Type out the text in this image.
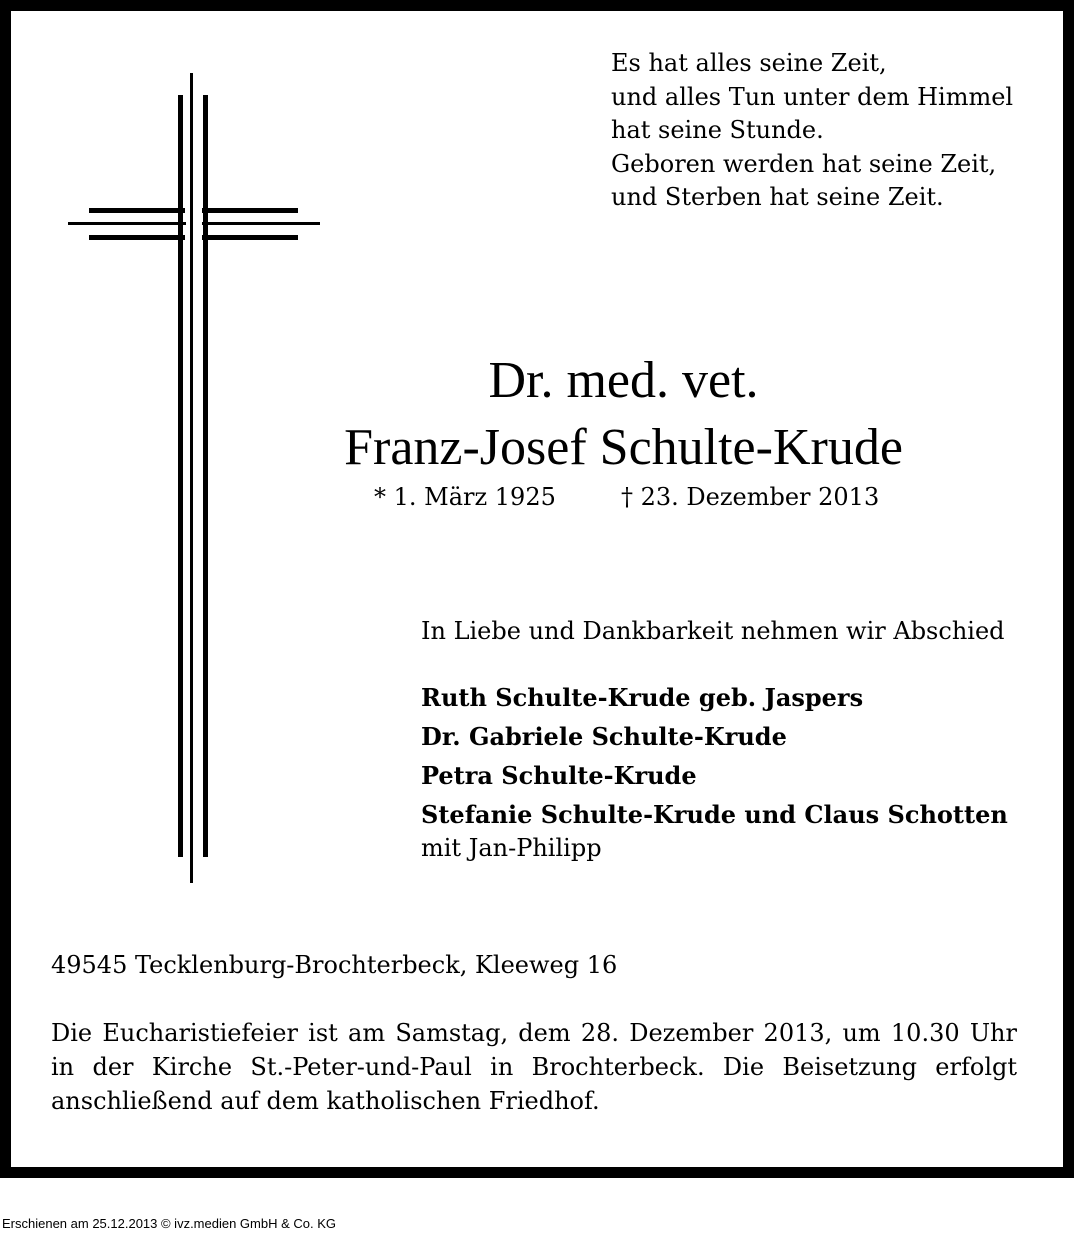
Es hat alles seine Zeit,
und alles Tun unter dem Himmel
hat seine Stunde.
Geboren werden hat seine Zeit,
und Sterben hat seine Zeit.
Dr. med. vet.
Franz-Josef Schulte-Krude
* 1. März 1925	† 23. Dezember 2013
In Liebe und Dankbarkeit nehmen wir Abschied
Ruth Schulte-Krude geb. Jaspers
Dr. Gabriele Schulte-Krude
Petra Schulte-Krude
Stefanie Schulte-Krude und Claus Schotten
mit Jan-Philipp
49545 Tecklenburg-Brochterbeck, Kleeweg 16
Die Eucharistiefeier ist am Samstag, dem 28. Dezember 2013, um 10.30 Uhr in der Kirche St.-Peter-und-Paul in Brochterbeck. Die Beisetzung erfolgt anschließend auf dem katholischen Friedhof.
Erschienen am 25.12.2013 © ivz.medien GmbH & Co. KG
